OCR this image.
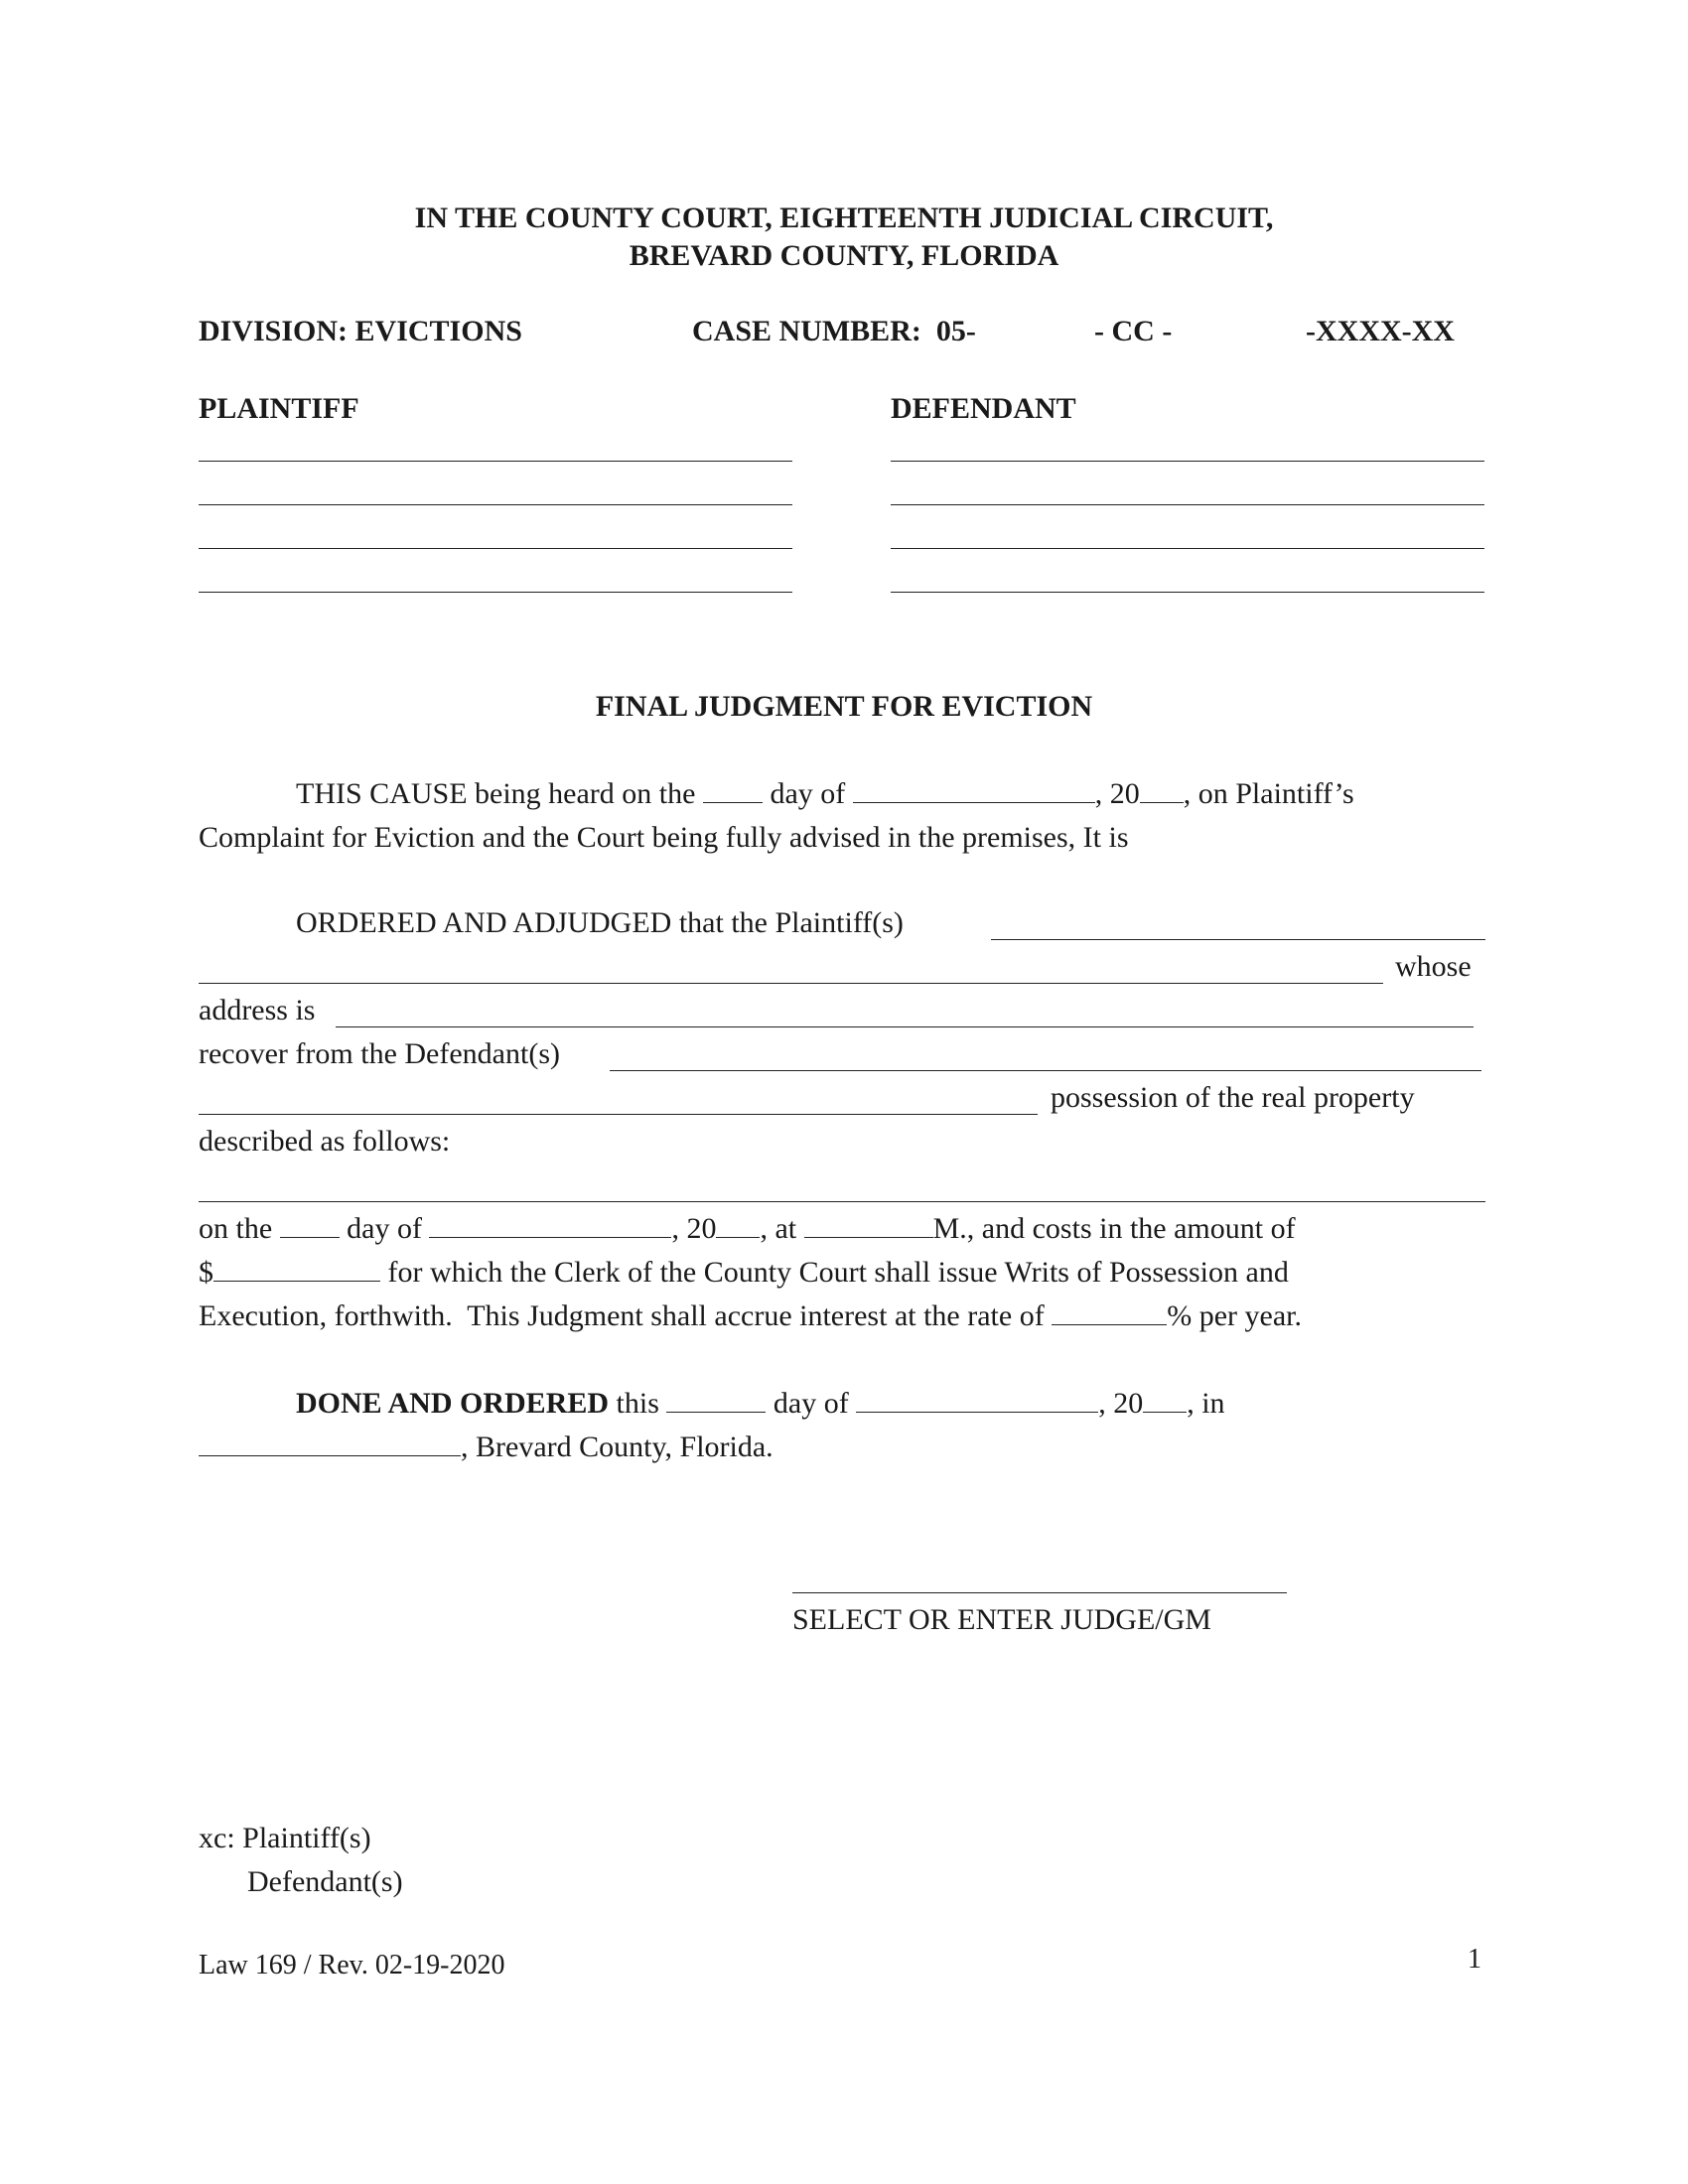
IN THE COUNTY COURT, EIGHTEENTH JUDICIAL CIRCUIT,
BREVARD COUNTY, FLORIDA
DIVISION: EVICTIONS	CASE NUMBER:  05-	- CC -	-XXXX-XX
PLAINTIFF	DEFENDANT
FINAL JUDGMENT FOR EVICTION
THIS CAUSE being heard on the  day of	, 20 , on Plaintiff’s
Complaint for Eviction and the Court being fully advised in the premises, It is
ORDERED AND ADJUDGED that the Plaintiff(s)
whose
address is
recover from the Defendant(s)
possession of the real property
described as follows:
on the  day of	, 20 , at	M., and costs in the amount of
$	for which the Clerk of the County Court shall issue Writs of Possession and
Execution, forthwith.  This Judgment shall accrue interest at the rate of	% per year.
DONE AND ORDERED this	day of	, 20 , in
, Brevard County, Florida.
SELECT OR ENTER JUDGE/GM
xc: Plaintiff(s)
Defendant(s)
Law 169 / Rev. 02-19-2020	1
